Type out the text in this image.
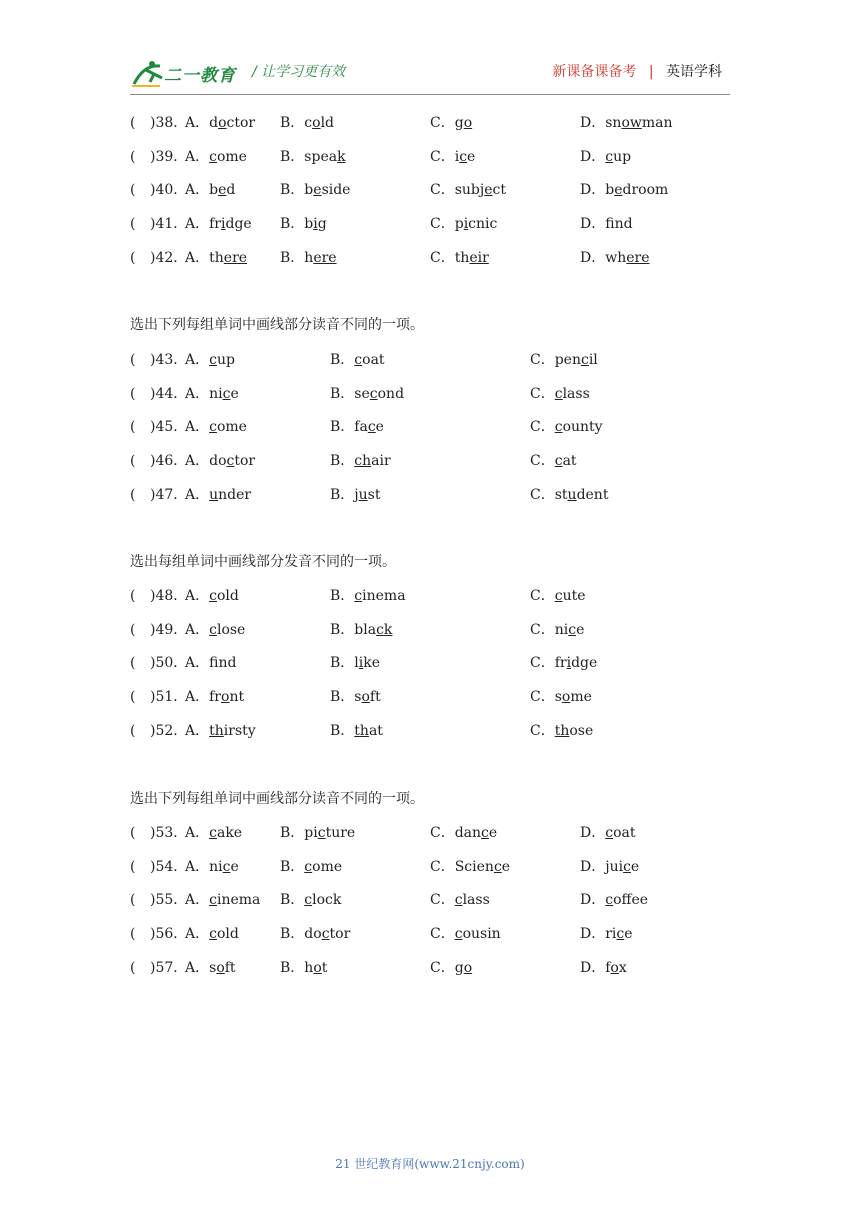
二一教育 / 让学习更有效	新课备课备考 | 英语学科
( )38．
A．doctor B．cold	C．go	D．snowman
( )39．
A．come B．speak	C．ice	D．cup
( )40．
A．bed	B．beside	C．subject	D．bedroom
( )41．
A．fridge B．big	C．picnic	D．fnd
( )42．
A．there B．here	C．their	D．where
选出下列每组单词中画线部分读音不同的一项。
( )43．
A．cup	B．coat	C．pencil
( )44．
A．nice	B．second	C．class
( )45．
A．come	B．face	C．county
( )46．
A．doctor	B．chair	C．cat
( )47．
A．under	B．just	C．student
选出每组单词中画线部分发音不同的一项。
( )48．
A．cold	B．cinema	C．cute
( )49．
A．close	B．black	C．nice
( )50．
A．fnd	B．like	C．fridge
( )51．
A．front	B．soft	C．some
( )52．
A．thirsty	B．that	C．those
选出下列每组单词中画线部分读音不同的一项。
( )53．
A．cake	B．picture	C．dance	D．coat
( )54．
A．nice	B．come	C．Science	D．juice
( )55．
A．cinema B．clock	C．class	D．coffee
( )56．
A．cold	B．doctor	C．cousin	D．rice
( )57．
A．soft	B．hot	C．go	D．fox
21 世纪教育网(www.21cnjy.com)
